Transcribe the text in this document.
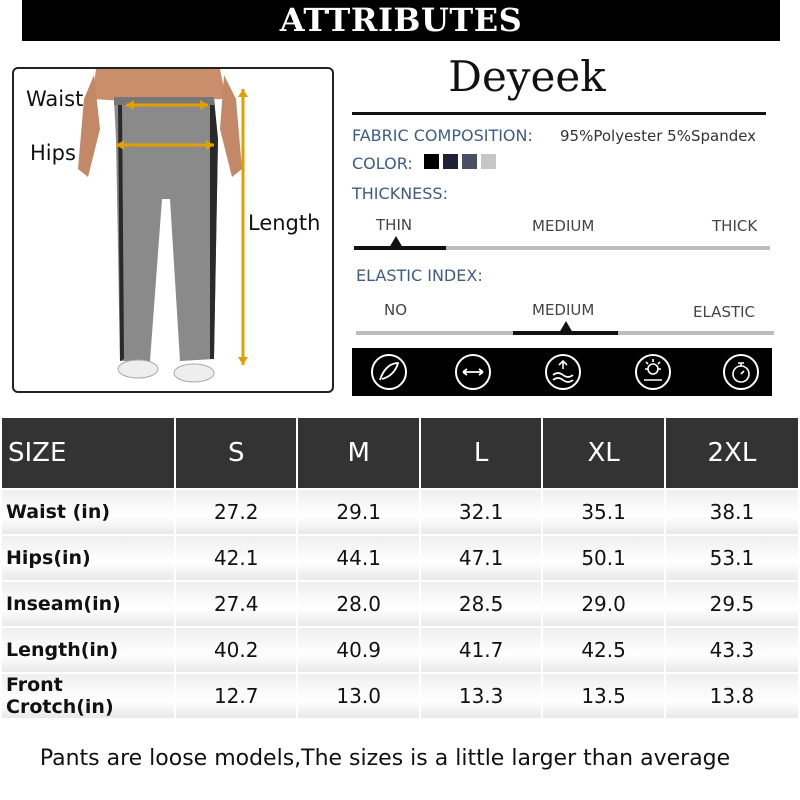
ATTRIBUTES
Waist
Hips
Length
Deyeek
FABRIC COMPOSITION: 95%Polyester 5%Spandex
COLOR:
THICKNESS:
THIN	MEDIUM	THICK
ELASTIC INDEX:
NO	MEDIUM	ELASTIC
SIZE	S	M	L	XL	2XL
Waist (in)	27.2	29.1	32.1	35.1	38.1
Hips(in)	42.1	44.1	47.1	50.1	53.1
Inseam(in)	27.4	28.0	28.5	29.0	29.5
Length(in)	40.2	40.9	41.7	42.5	43.3
Front Crotch(in)	12.7	13.0	13.3	13.5	13.8
Pants are loose models,The sizes is a little larger than average
